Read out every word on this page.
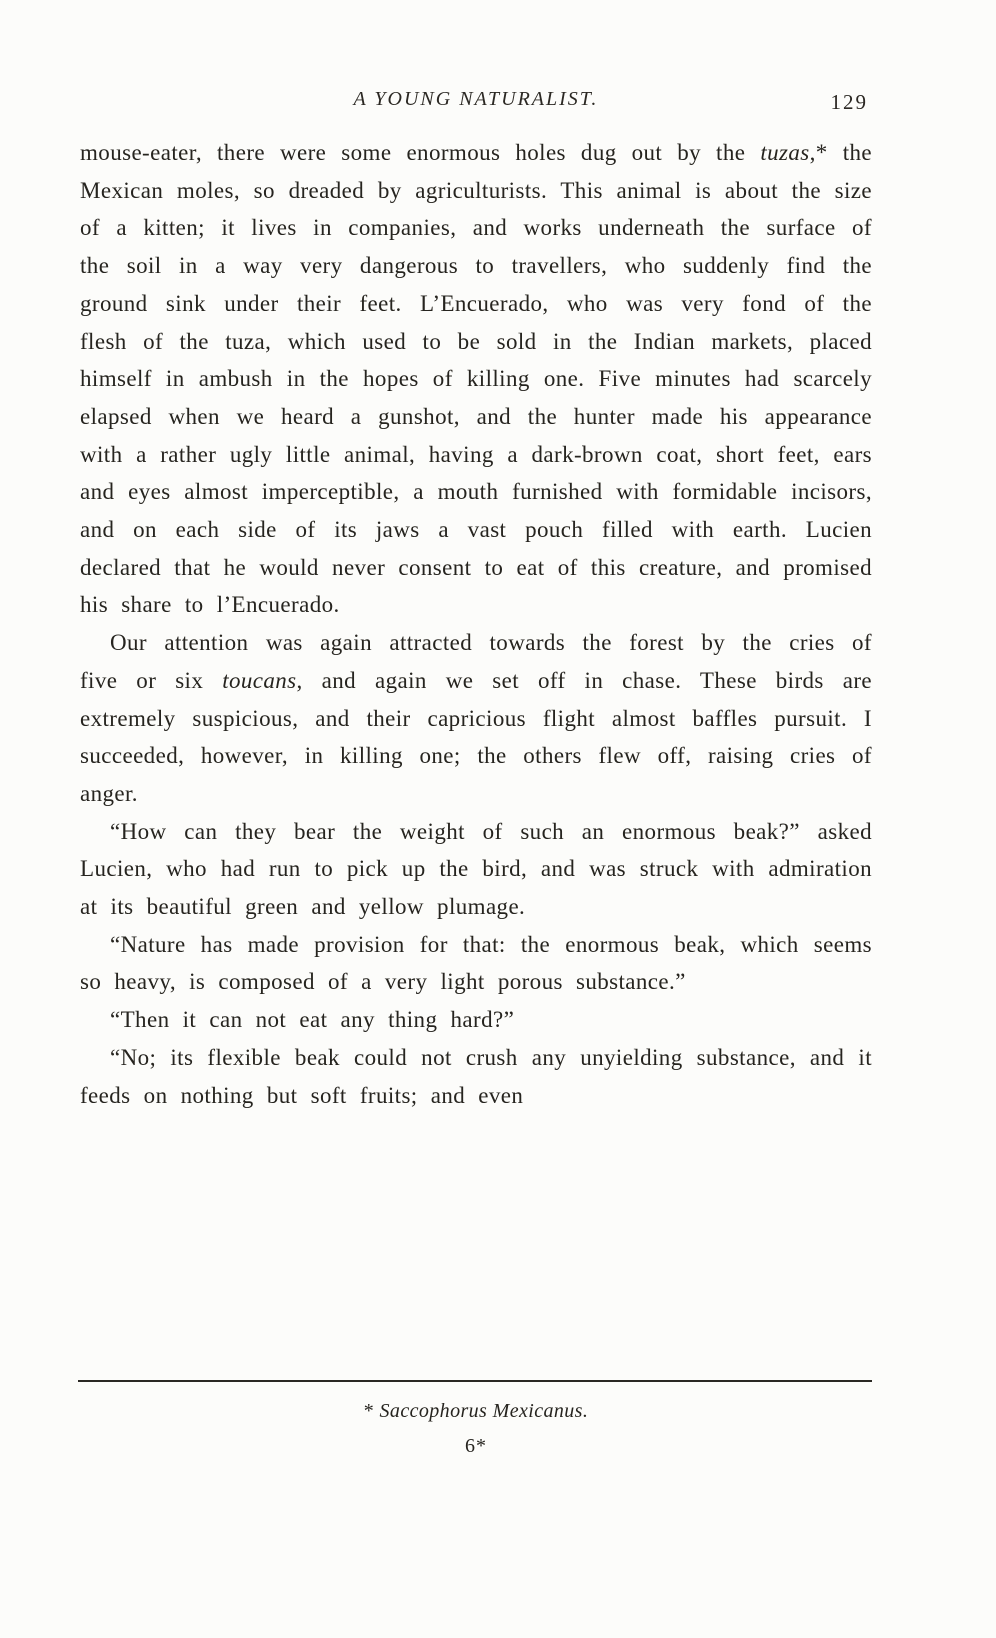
A YOUNG NATURALIST.	129

mouse-eater, there were some enormous holes dug out by the tuzas,* the Mexican moles, so dreaded by agriculturists. This animal is about the size of a kitten; it lives in companies, and works underneath the surface of the soil in a way very dangerous to travellers, who suddenly find the ground sink under their feet. L’Encuerado, who was very fond of the flesh of the tuza, which used to be sold in the Indian markets, placed himself in ambush in the hopes of killing one. Five minutes had scarcely elapsed when we heard a gunshot, and the hunter made his appearance with a rather ugly little animal, having a dark-brown coat, short feet, ears and eyes almost imperceptible, a mouth furnished with formidable incisors, and on each side of its jaws a vast pouch filled with earth. Lucien declared that he would never consent to eat of this creature, and promised his share to l’Encuerado.

Our attention was again attracted towards the forest by the cries of five or six toucans, and again we set off in chase. These birds are extremely suspicious, and their capricious flight almost baffles pursuit. I succeeded, however, in killing one; the others flew off, raising cries of anger.

“How can they bear the weight of such an enormous beak?” asked Lucien, who had run to pick up the bird, and was struck with admiration at its beautiful green and yellow plumage.

“Nature has made provision for that: the enormous beak, which seems so heavy, is composed of a very light porous substance.”

“Then it can not eat any thing hard?”

“No; its flexible beak could not crush any unyielding substance, and it feeds on nothing but soft fruits; and even

* Saccophorus Mexicanus.
6*
